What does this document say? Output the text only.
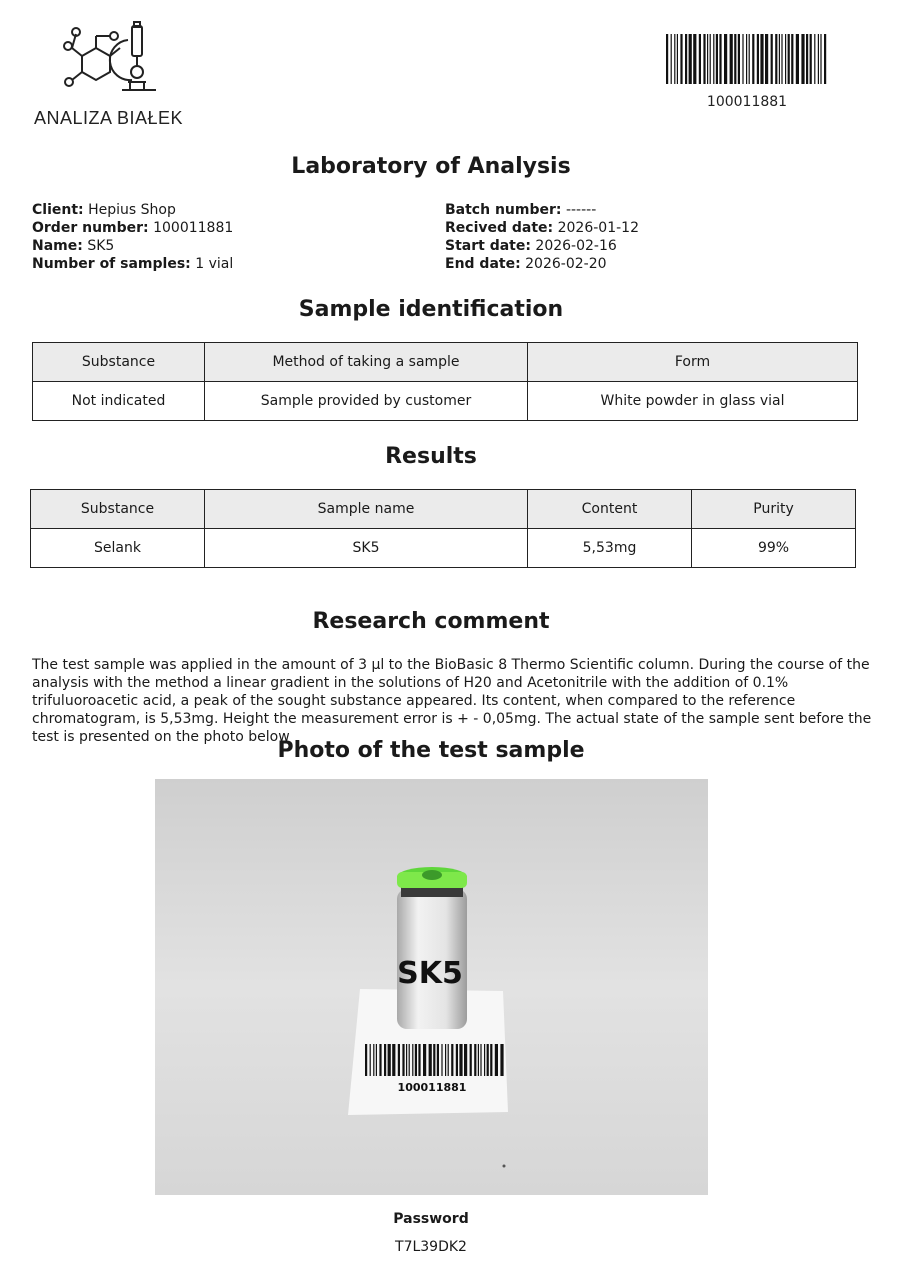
ANALIZA BIAŁEK
100011881
Laboratory of Analysis
Client: Hepius Shop
Order number: 100011881
Name: SK5
Number of samples: 1 vial
Batch number: ------
Recived date: 2026-01-12
Start date: 2026-02-16
End date: 2026-02-20
Sample identification
Substance	Method of taking a sample	Form
Not indicated	Sample provided by customer	White powder in glass vial
Results
Substance	Sample name	Content	Purity
Selank	SK5	5,53mg	99%
Research comment
The test sample was applied in the amount of 3 µl to the BioBasic 8 Thermo Scientific column. During the course of the analysis with the method a linear gradient in the solutions of H20 and Acetonitrile with the addition of 0.1% trifuluoroacetic acid, a peak of the sought substance appeared. Its content, when compared to the reference chromatogram, is 5,53mg. Height the measurement error is + - 0,05mg. The actual state of the sample sent before the test is presented on the photo below
Photo of the test sample
SK5
100011881
Password
T7L39DK2
